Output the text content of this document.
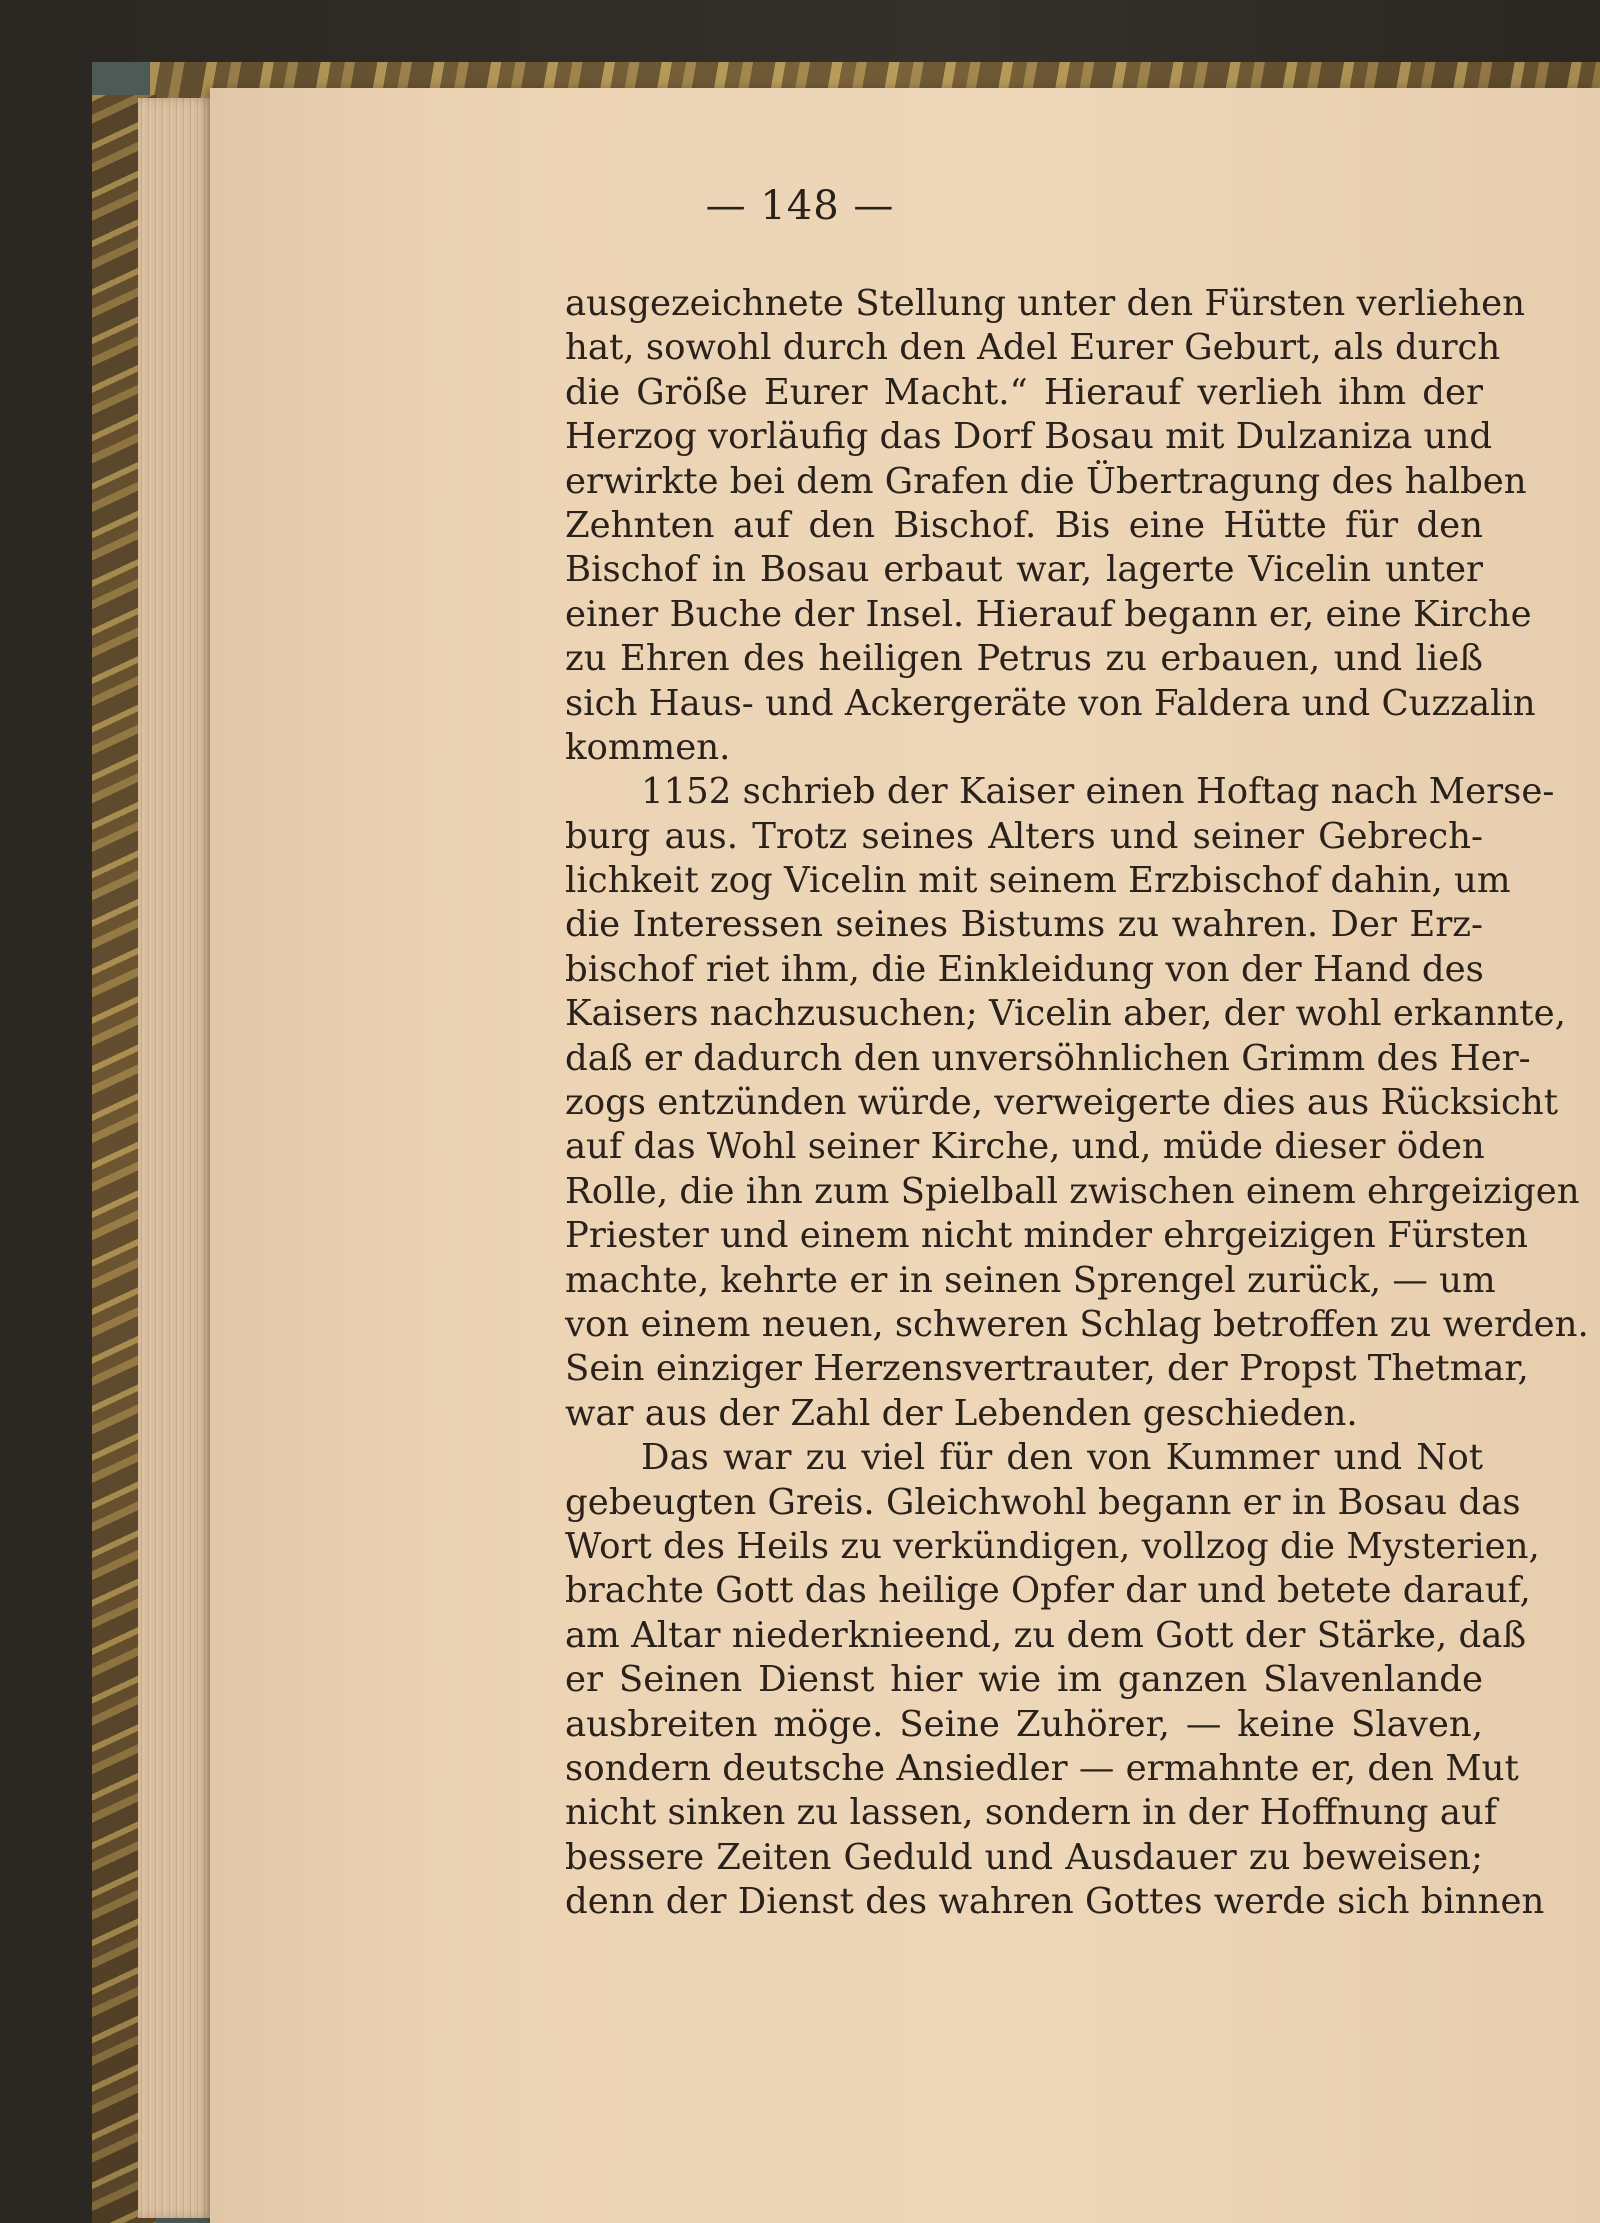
— 148 —
ausgezeichnete Stellung unter den Fürsten verliehen
hat, sowohl durch den Adel Eurer Geburt, als durch
die Größe Eurer Macht.“ Hierauf verlieh ihm der
Herzog vorläufig das Dorf Bosau mit Dulzaniza und
erwirkte bei dem Grafen die Übertragung des halben
Zehnten auf den Bischof. Bis eine Hütte für den
Bischof in Bosau erbaut war, lagerte Vicelin unter
einer Buche der Insel. Hierauf begann er, eine Kirche
zu Ehren des heiligen Petrus zu erbauen, und ließ
sich Haus- und Ackergeräte von Faldera und Cuzzalin
kommen.
1152 schrieb der Kaiser einen Hoftag nach Merse-
burg aus. Trotz seines Alters und seiner Gebrech-
lichkeit zog Vicelin mit seinem Erzbischof dahin, um
die Interessen seines Bistums zu wahren. Der Erz-
bischof riet ihm, die Einkleidung von der Hand des
Kaisers nachzusuchen; Vicelin aber, der wohl erkannte,
daß er dadurch den unversöhnlichen Grimm des Her-
zogs entzünden würde, verweigerte dies aus Rücksicht
auf das Wohl seiner Kirche, und, müde dieser öden
Rolle, die ihn zum Spielball zwischen einem ehrgeizigen
Priester und einem nicht minder ehrgeizigen Fürsten
machte, kehrte er in seinen Sprengel zurück, — um
von einem neuen, schweren Schlag betroffen zu werden.
Sein einziger Herzensvertrauter, der Propst Thetmar,
war aus der Zahl der Lebenden geschieden.
Das war zu viel für den von Kummer und Not
gebeugten Greis. Gleichwohl begann er in Bosau das
Wort des Heils zu verkündigen, vollzog die Mysterien,
brachte Gott das heilige Opfer dar und betete darauf,
am Altar niederknieend, zu dem Gott der Stärke, daß
er Seinen Dienst hier wie im ganzen Slavenlande
ausbreiten möge. Seine Zuhörer, — keine Slaven,
sondern deutsche Ansiedler — ermahnte er, den Mut
nicht sinken zu lassen, sondern in der Hoffnung auf
bessere Zeiten Geduld und Ausdauer zu beweisen;
denn der Dienst des wahren Gottes werde sich binnen
